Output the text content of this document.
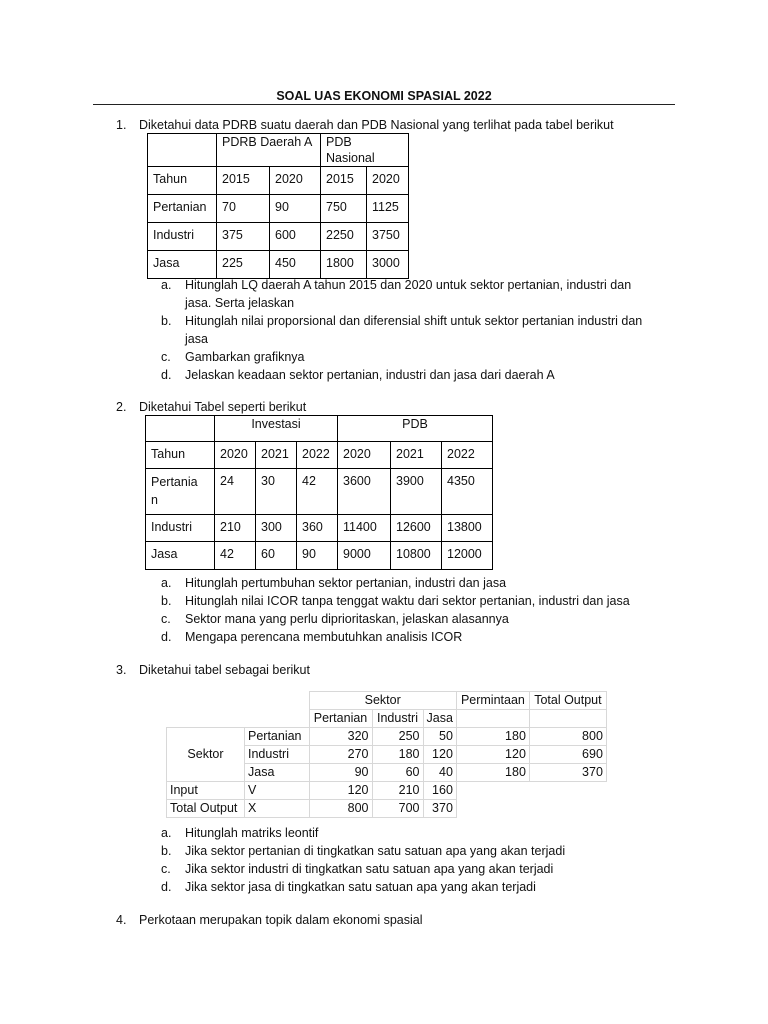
SOAL UAS EKONOMI SPASIAL 2022
1.	Diketahui data PDRB suatu daerah dan PDB Nasional yang terlihat pada tabel berikut
	PDRB Daerah A		PDB Nasional	
Tahun	2015	2020	2015	2020
Pertanian	70	90	750	1125
Industri	375	600	2250	3750
Jasa	225	450	1800	3000
a. Hitunglah LQ daerah A tahun 2015 dan 2020 untuk sektor pertanian, industri dan
jasa. Serta jelaskan
b. Hitunglah nilai proporsional dan diferensial shift untuk sektor pertanian industri dan
jasa
c. Gambarkan grafiknya
d. Jelaskan keadaan sektor pertanian, industri dan jasa dari daerah A
2.	Diketahui Tabel seperti berikut
	Investasi			PDB		
Tahun	2020	2021	2022	2020	2021	2022

Pertania
n	24	30	42	3600	3900	4350
Industri	210	300	360	11400	12600	13800
Jasa	42	60	90	9000	10800	12000
a. Hitunglah pertumbuhan sektor pertanian, industri dan jasa
b. Hitunglah nilai ICOR tanpa tenggat waktu dari sektor pertanian, industri dan jasa
c. Sektor mana yang perlu diprioritaskan, jelaskan alasannya
d. Mengapa perencana membutuhkan analisis ICOR
3.	Diketahui tabel sebagai berikut
		Sektor			Permintaan	Total Output
		Pertanian	Industri	Jasa		
Sektor	Pertanian	320	250	50	180	800
	Industri	270	180	120	120	690
	Jasa	90	60	40	180	370
Input	V	120	210	160		
Total Output	X	800	700	370		
a. Hitunglah matriks leontif
b. Jika sektor pertanian di tingkatkan satu satuan apa yang akan terjadi
c. Jika sektor industri di tingkatkan satu satuan apa yang akan terjadi
d. Jika sektor jasa di tingkatkan satu satuan apa yang akan terjadi
4.	Perkotaan merupakan topik dalam ekonomi spasial
